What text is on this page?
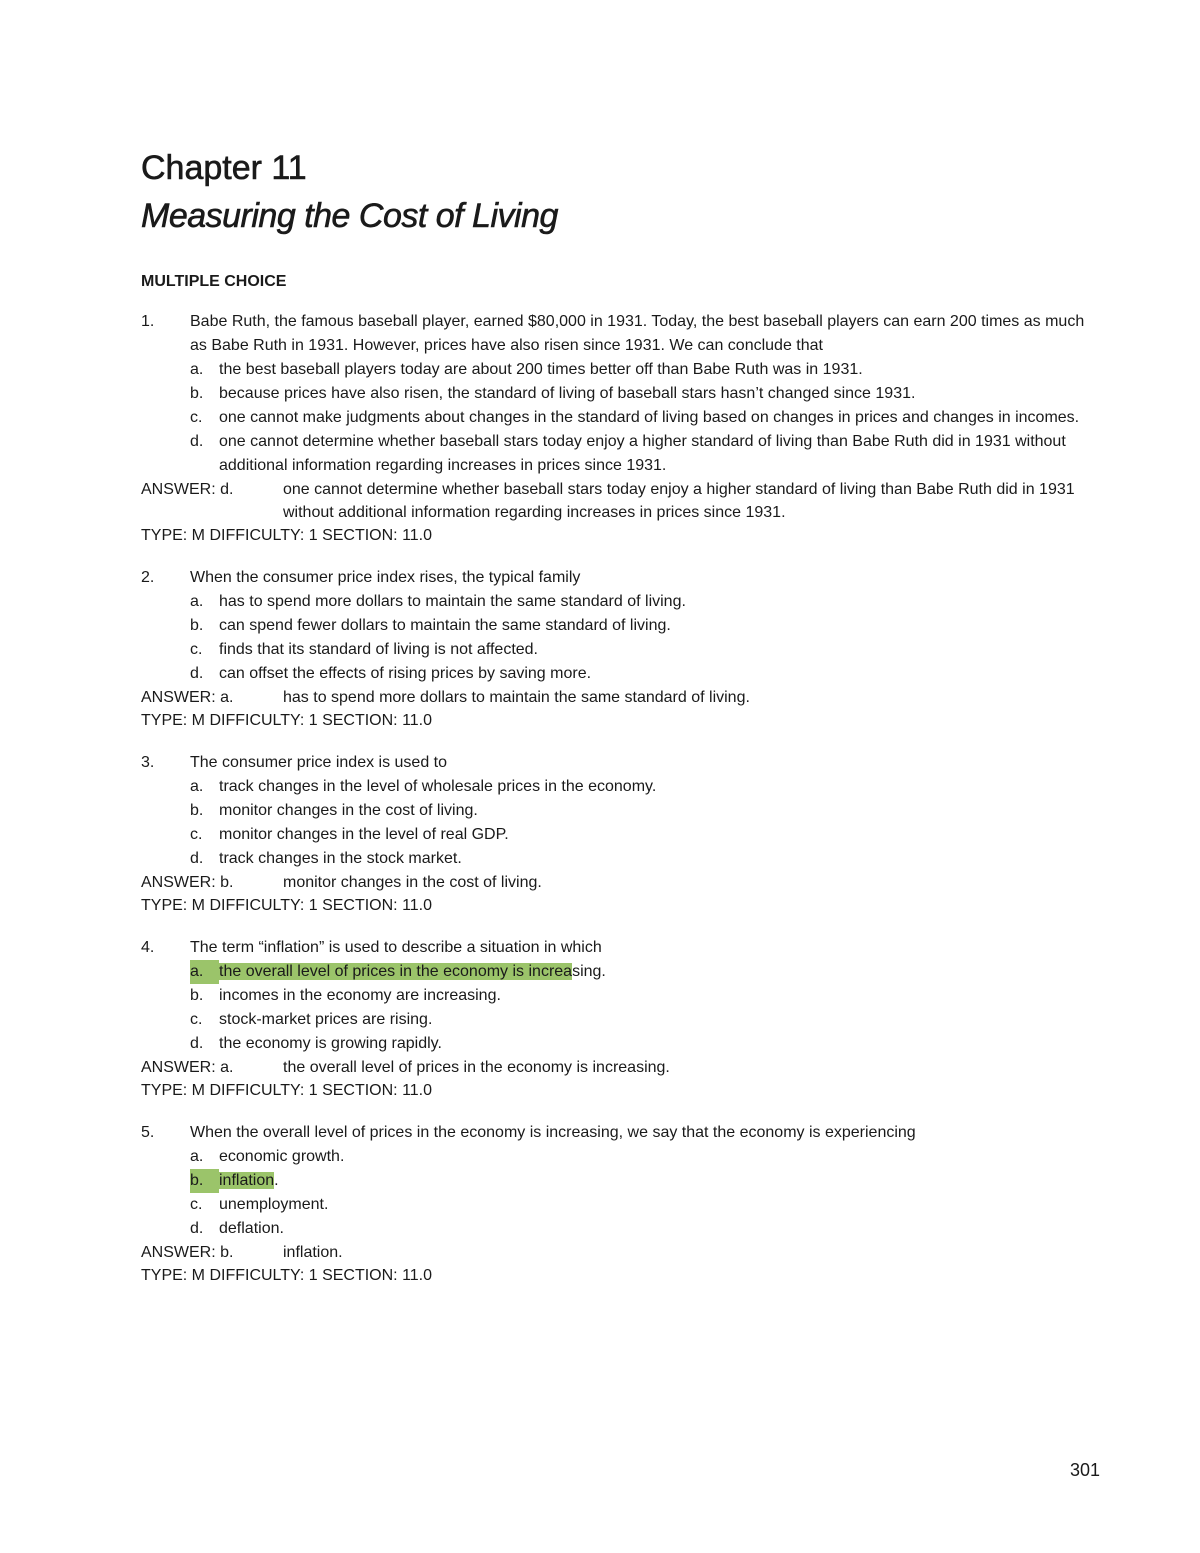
Chapter 11
Measuring the Cost of Living
MULTIPLE CHOICE
1.	Babe Ruth, the famous baseball player, earned $80,000 in 1931. Today, the best baseball players can earn 200 times as much as Babe Ruth in 1931. However, prices have also risen since 1931. We can conclude that
a. the best baseball players today are about 200 times better off than Babe Ruth was in 1931.
b. because prices have also risen, the standard of living of baseball stars hasn’t changed since 1931.
c.	one cannot make judgments about changes in the standard of living based on changes in prices and changes in incomes.
d. one cannot determine whether baseball stars today enjoy a higher standard of living than Babe Ruth did in 1931 without additional information regarding increases in prices since 1931.
ANSWER: d.	one cannot determine whether baseball stars today enjoy a higher standard of living than Babe Ruth did in 1931 without additional information regarding increases in prices since 1931.
TYPE: M DIFFICULTY: 1 SECTION: 11.0
2.	When the consumer price index rises, the typical family
a. has to spend more dollars to maintain the same standard of living.
b. can spend fewer dollars to maintain the same standard of living.
c.	finds that its standard of living is not affected.
d. can offset the effects of rising prices by saving more.
ANSWER: a.	has to spend more dollars to maintain the same standard of living.
TYPE: M DIFFICULTY: 1 SECTION: 11.0
3.	The consumer price index is used to
a. track changes in the level of wholesale prices in the economy.
b. monitor changes in the cost of living.
c.	monitor changes in the level of real GDP.
d. track changes in the stock market.
ANSWER: b.	monitor changes in the cost of living.
TYPE: M DIFFICULTY: 1 SECTION: 11.0
4.	The term “inflation” is used to describe a situation in which
a. the overall level of prices in the economy is increasing.
b. incomes in the economy are increasing.
c.	stock-market prices are rising.
d. the economy is growing rapidly.
ANSWER: a.	the overall level of prices in the economy is increasing.
TYPE: M DIFFICULTY: 1 SECTION: 11.0
5.	When the overall level of prices in the economy is increasing, we say that the economy is experiencing
a. economic growth.
b. inflation.
c.	unemployment.
d. deflation.
ANSWER: b.	inflation.
TYPE: M DIFFICULTY: 1 SECTION: 11.0
301
